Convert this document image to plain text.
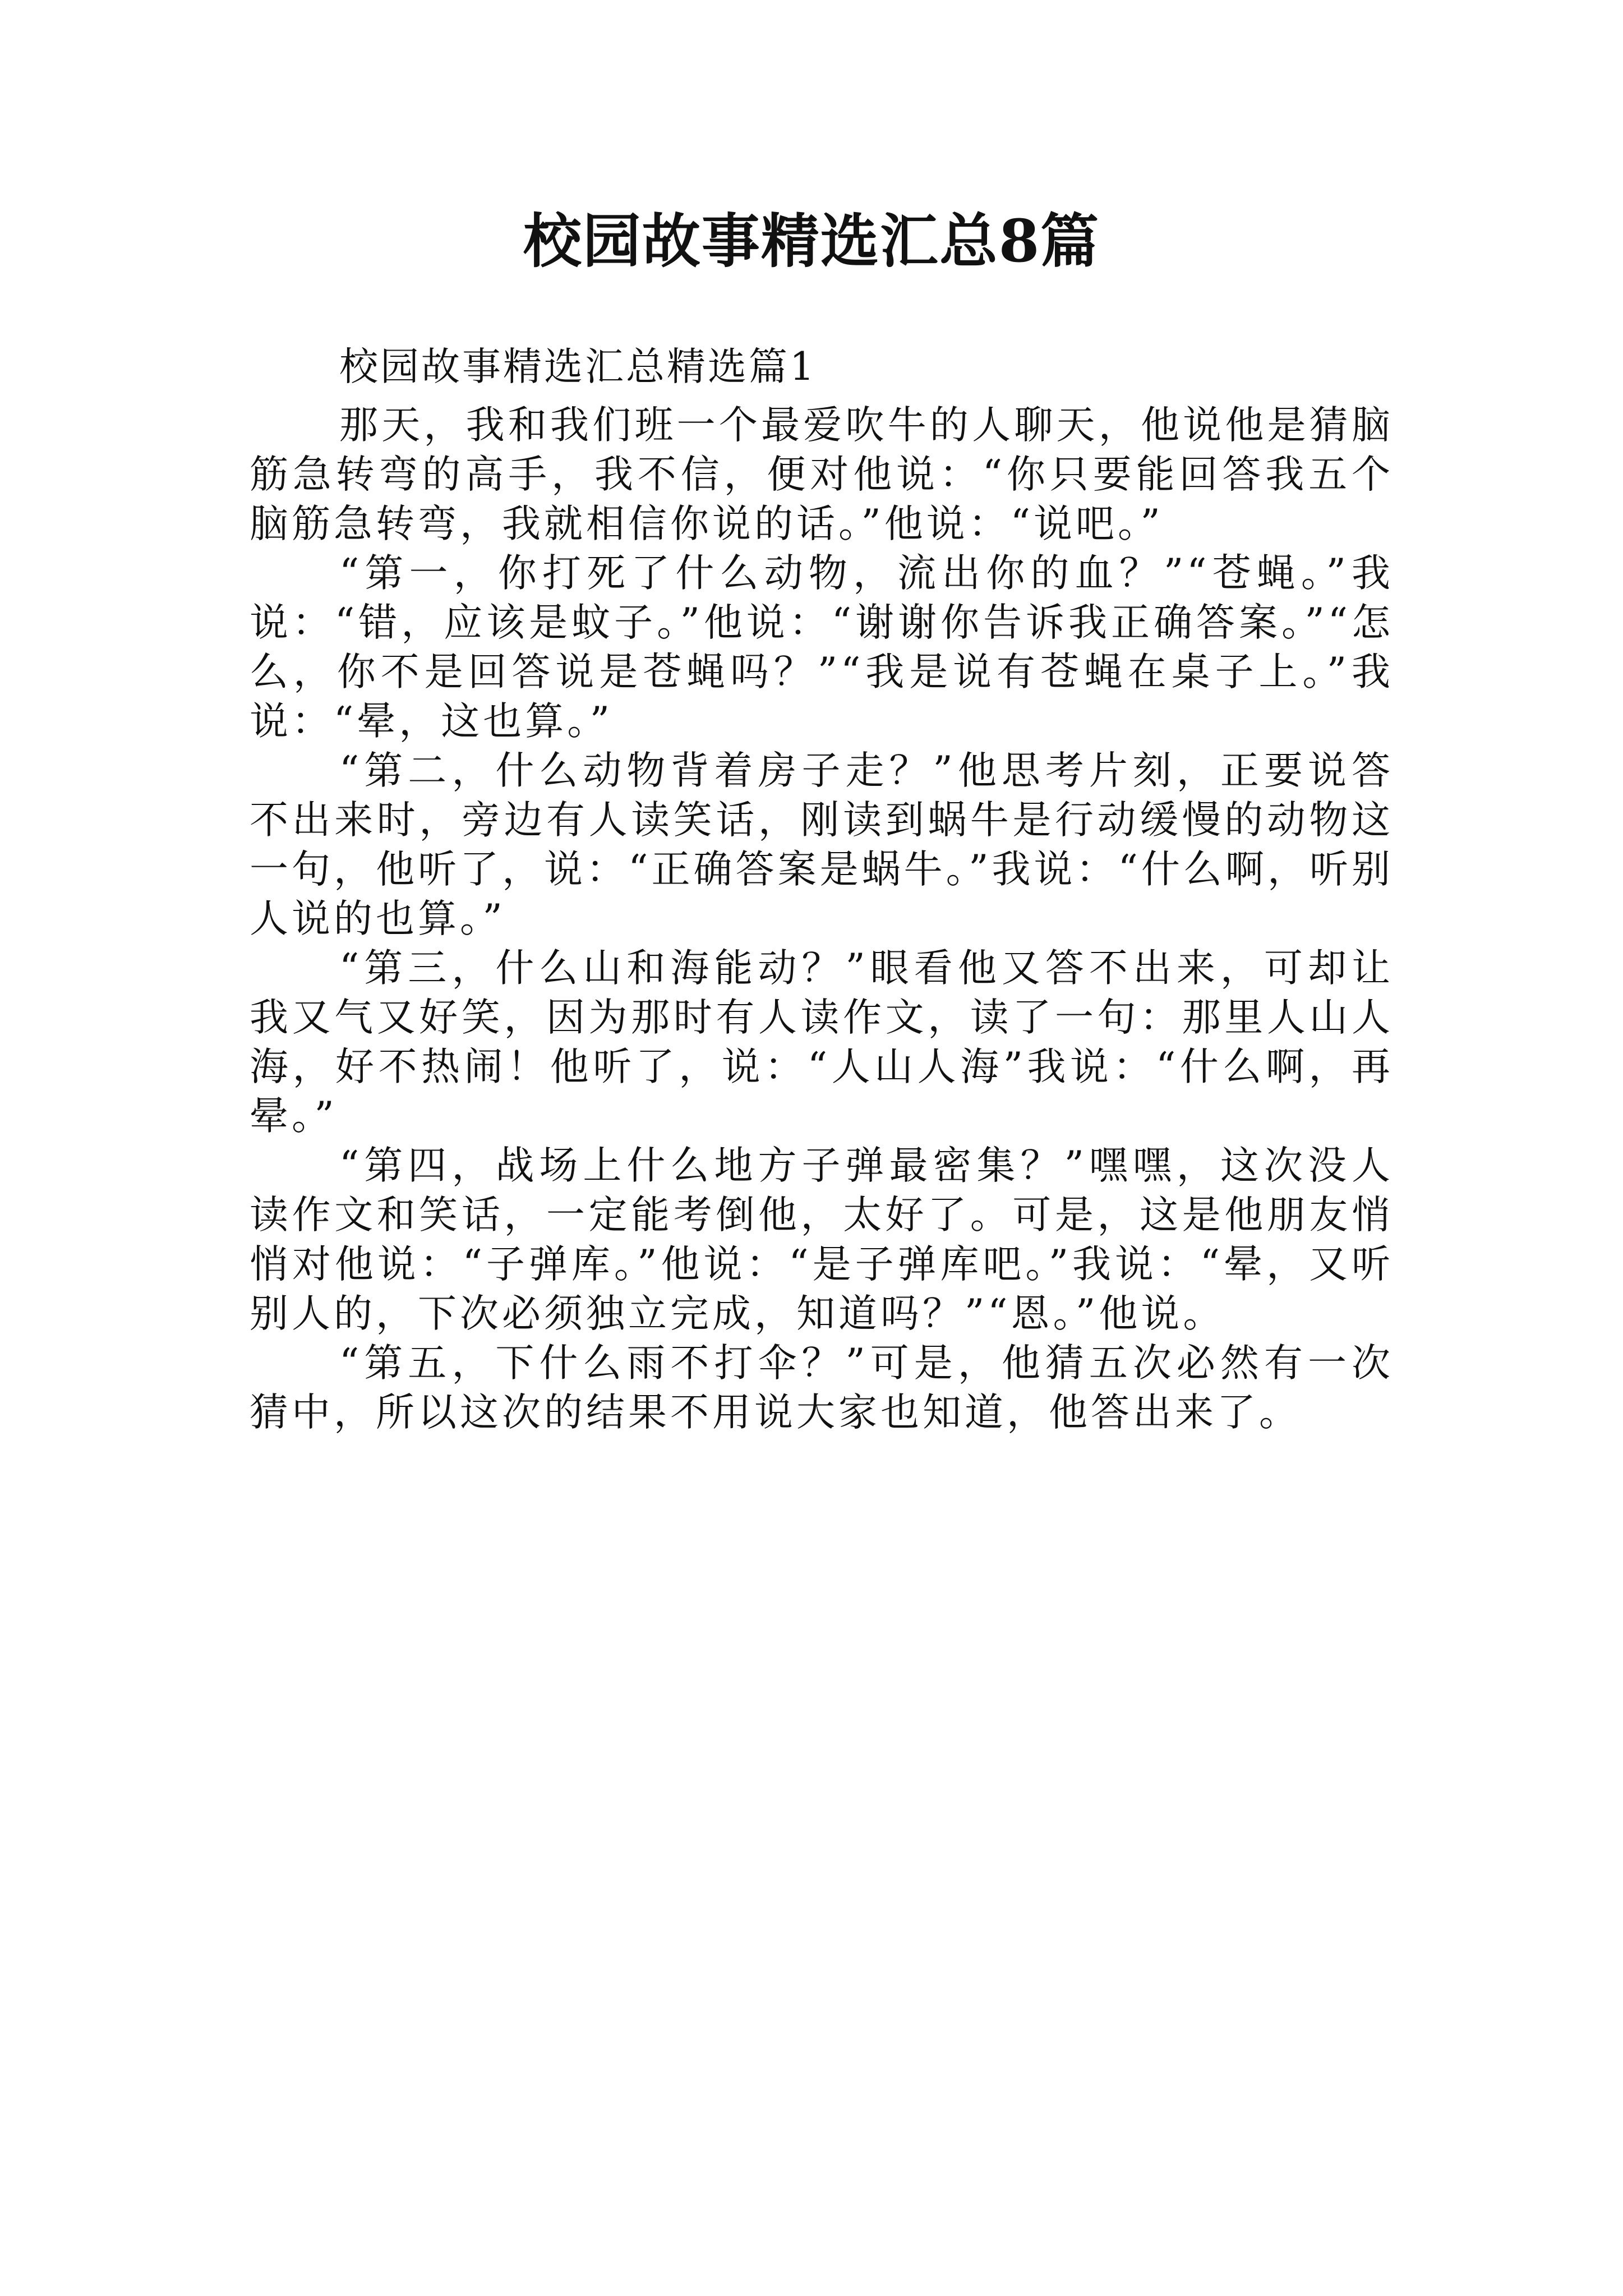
校园故事精选汇总8篇
校园故事精选汇总精选篇1

那天，我和我们班一个最爱吹牛的人聊天，他说他是猜脑筋急转弯的高手，我不信，便对他说：“你只要能回答我五个脑筋急转弯，我就相信你说的话。”他说：“说吧。”

“第一，你打死了什么动物，流出你的血？”“苍蝇。”我说：“错，应该是蚊子。”他说：“谢谢你告诉我正确答案。”“怎么，你不是回答说是苍蝇吗？”“我是说有苍蝇在桌子上。”我说：“晕，这也算。”

“第二，什么动物背着房子走？”他思考片刻，正要说答不出来时，旁边有人读笑话，刚读到蜗牛是行动缓慢的动物这一句，他听了，说：“正确答案是蜗牛。”我说：“什么啊，听别人说的也算。”

“第三，什么山和海能动？”眼看他又答不出来，可却让我又气又好笑，因为那时有人读作文，读了一句：那里人山人海，好不热闹！他听了，说：“人山人海”我说：“什么啊，再晕。”

“第四，战场上什么地方子弹最密集？”嘿嘿，这次没人读作文和笑话，一定能考倒他，太好了。可是，这是他朋友悄悄对他说：“子弹库。”他说：“是子弹库吧。”我说：“晕，又听别人的，下次必须独立完成，知道吗？”“恩。”他说。

“第五，下什么雨不打伞？”可是，他猜五次必然有一次猜中，所以这次的结果不用说大家也知道，他答出来了。
